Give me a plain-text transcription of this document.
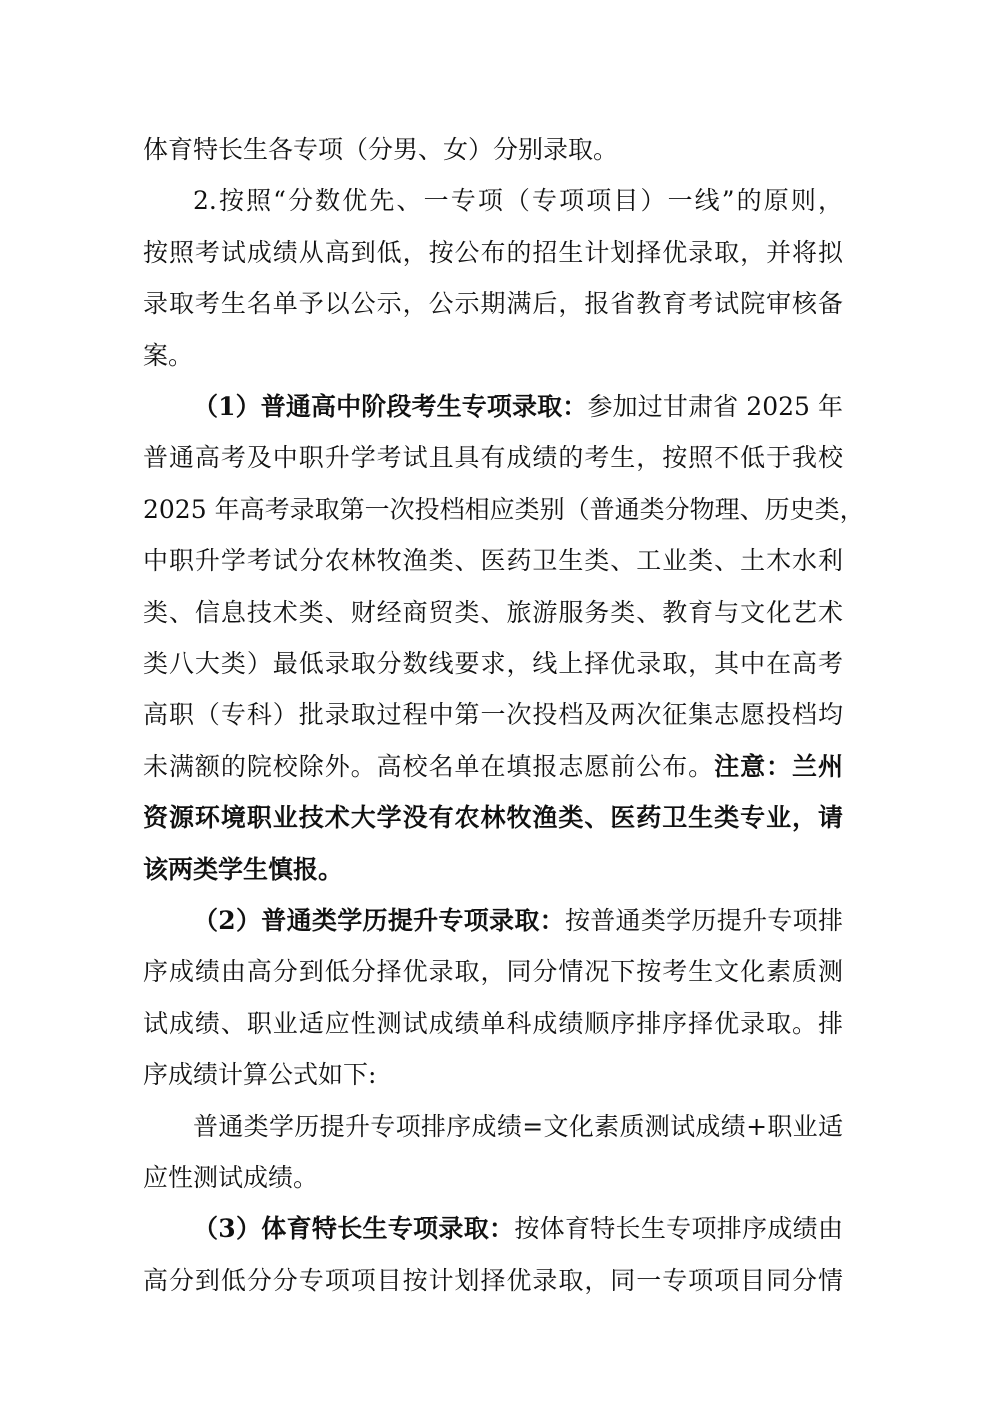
体育特长生各专项（分男、女）分别录取。
2.按照“分数优先、一专项（专项项目）一线”的原则，
按照考试成绩从高到低，按公布的招生计划择优录取，并将拟
录取考生名单予以公示，公示期满后，报省教育考试院审核备
案。
（1）普通高中阶段考生专项录取：参加过甘肃省 2025 年
普通高考及中职升学考试且具有成绩的考生，按照不低于我校
2025 年高考录取第一次投档相应类别（普通类分物理、历史类，
中职升学考试分农林牧渔类、医药卫生类、工业类、土木水利
类、信息技术类、财经商贸类、旅游服务类、教育与文化艺术
类八大类）最低录取分数线要求，线上择优录取，其中在高考
高职（专科）批录取过程中第一次投档及两次征集志愿投档均
未满额的院校除外。高校名单在填报志愿前公布。注意：兰州
资源环境职业技术大学没有农林牧渔类、医药卫生类专业，请
该两类学生慎报。
（2）普通类学历提升专项录取：按普通类学历提升专项排
序成绩由高分到低分择优录取，同分情况下按考生文化素质测
试成绩、职业适应性测试成绩单科成绩顺序排序择优录取。排
序成绩计算公式如下:
普通类学历提升专项排序成绩=文化素质测试成绩+职业适
应性测试成绩。
（3）体育特长生专项录取：按体育特长生专项排序成绩由
高分到低分分专项项目按计划择优录取，同一专项项目同分情
